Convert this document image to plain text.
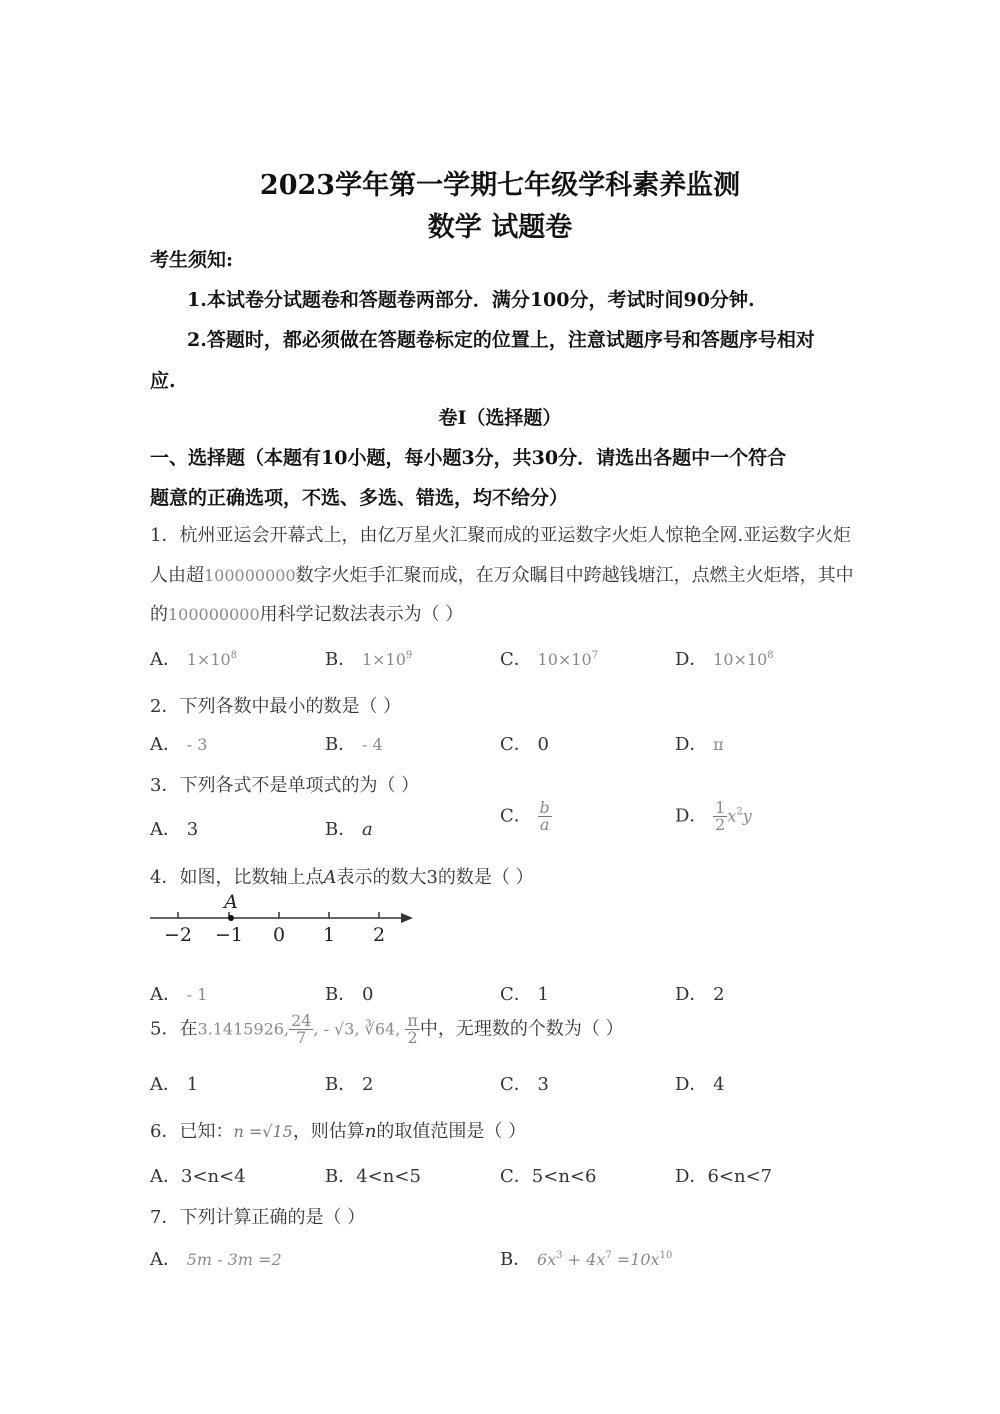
2023学年第一学期七年级学科素养监测
数学 试题卷
考生须知:
1.本试卷分试题卷和答题卷两部分．满分100分，考试时间90分钟.
2.答题时，都必须做在答题卷标定的位置上，注意试题序号和答题序号相对
应.
卷Ⅰ（选择题）
一、选择题（本题有10小题，每小题3分，共30分．请选出各题中一个符合
题意的正确选项，不选、多选、错选，均不给分）
1．杭州亚运会开幕式上，由亿万星火汇聚而成的亚运数字火炬人惊艳全网.亚运数字火炬
人由超100000000数字火炬手汇聚而成，在万众瞩目中跨越钱塘江，点燃主火炬塔，其中
的100000000用科学记数法表示为（ ）
A． $1\times 10^8$	B． $1\times 10^9$	C． $10\times 10^7$	D． $10\times 10^8$
2．下列各数中最小的数是（ ）
A． - 3	B． - 4	C． 0	D． π
3．下列各式不是单项式的为（ ）
A． 3	B． a
C． $\frac{b}{a}$	D． $\frac{1}{2} x^2y$
4．如图，比数轴上点A表示的数大3的数是（ ）
A
−2 −1 0 1 2
A． - 1	B． 0	C． 1	D． 2
5．在3.1415926, $\frac{24}{7}$ , - √3, ∛64, $\frac{\pi}{2}$ 中，无理数的个数为（ ）
A． 1	B． 2	C． 3	D． 4
6．已知：n =√15，则估算n的取值范围是（ ）
A．3<n<4	B．4<n<5	C．5<n<6	D．6<n<7
7．下列计算正确的是（ ）
A． 5m - 3m =2	B． $6x^3 + 4x^7 =10x^{10}$
